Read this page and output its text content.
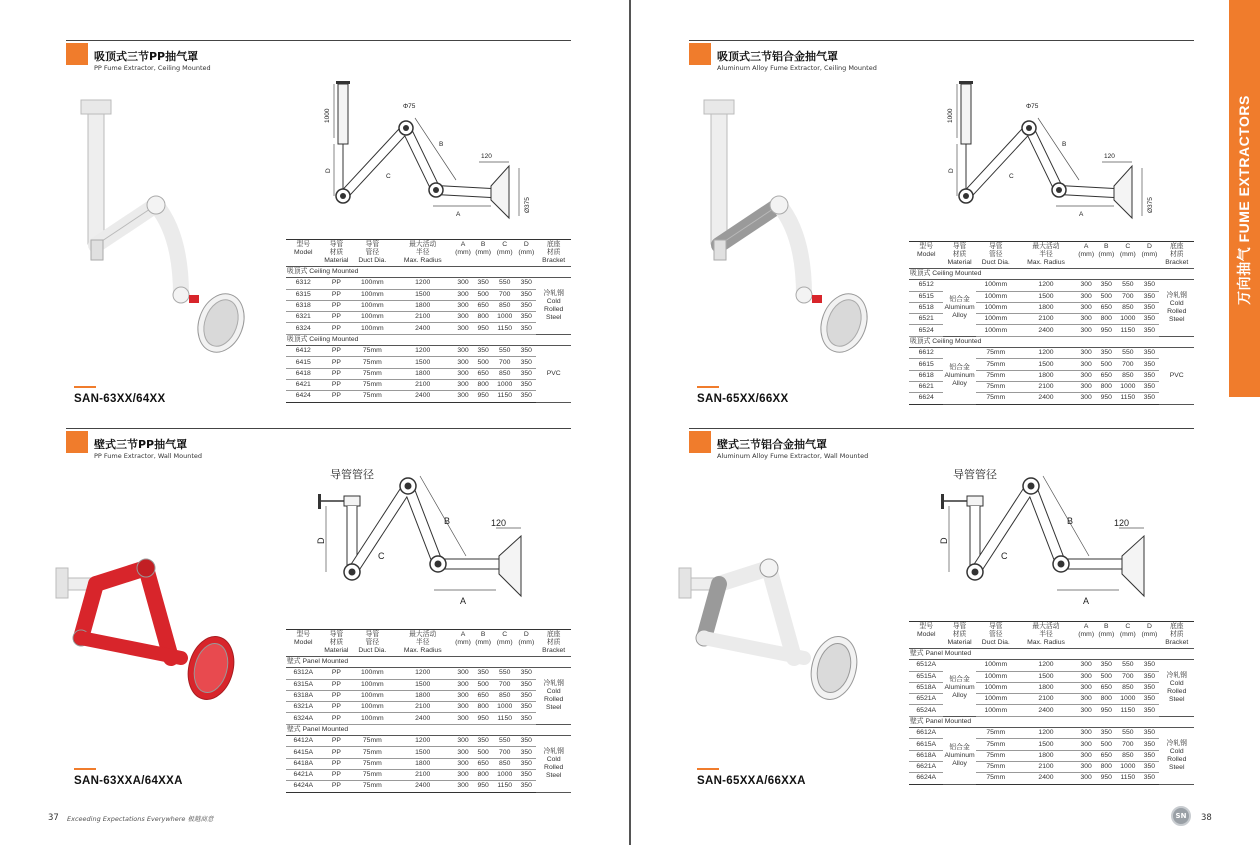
万向抽气 FUME EXTRACTORS
37 Exceeding Expectations Everywhere 极越商意	SN	38
吸顶式三节PP抽气罩
PP Fume Extractor, Ceiling Mounted
1000
D
Φ75
B
C
A
120
Ø375
型号
Model	导管
材质
Material	导管
管径
Duct Dia.	最大活动
半径
Max. Radius	A
(mm)	B
(mm)	C
(mm)	D
(mm)	底座
材质
Bracket
吸顶式 Ceiling Mounted								
6312	PP	100mm	1200	300	350	550	350	冷轧钢
Cold
Rolled
Steel
6315	PP	100mm	1500	300	500	700	350	
6318	PP	100mm	1800	300	650	850	350	
6321	PP	100mm	2100	300	800	1000	350	
6324	PP	100mm	2400	300	950	1150	350	
吸顶式 Ceiling Mounted								
6412	PP	75mm	1200	300	350	550	350	PVC
6415	PP	75mm	1500	300	500	700	350	
6418	PP	75mm	1800	300	650	850	350	
6421	PP	75mm	2100	300	800	1000	350	
6424	PP	75mm	2400	300	950	1150	350	
SAN-63XX/64XX
吸顶式三节铝合金抽气罩
Aluminum Alloy Fume Extractor, Ceiling Mounted
1000
D
Φ75
B
C
A
120
Ø375
型号
Model	导管
材质
Material	导管
管径
Duct Dia.	最大活动
半径
Max. Radius	A
(mm)	B
(mm)	C
(mm)	D
(mm)	底座
材质
Bracket
吸顶式 Ceiling Mounted								
6512	铝合金
Aluminum
Alloy	100mm	1200	300	350	550	350	冷轧钢
Cold
Rolled
Steel
6515		100mm	1500	300	500	700	350	
6518		100mm	1800	300	650	850	350	
6521		100mm	2100	300	800	1000	350	
6524		100mm	2400	300	950	1150	350	
吸顶式 Ceiling Mounted								
6612	铝合金
Aluminum
Alloy	75mm	1200	300	350	550	350	PVC
6615		75mm	1500	300	500	700	350	
6618		75mm	1800	300	650	850	350	
6621		75mm	2100	300	800	1000	350	
6624		75mm	2400	300	950	1150	350	
SAN-65XX/66XX
壁式三节PP抽气罩
PP Fume Extractor, Wall Mounted
D
导管管径
B
C
A
120
型号
Model	导管
材质
Material	导管
管径
Duct Dia.	最大活动
半径
Max. Radius	A
(mm)	B
(mm)	C
(mm)	D
(mm)	底座
材质
Bracket
壁式 Panel Mounted								
6312A	PP	100mm	1200	300	350	550	350	冷轧钢
Cold
Rolled
Steel
6315A	PP	100mm	1500	300	500	700	350	
6318A	PP	100mm	1800	300	650	850	350	
6321A	PP	100mm	2100	300	800	1000	350	
6324A	PP	100mm	2400	300	950	1150	350	
壁式 Panel Mounted								
6412A	PP	75mm	1200	300	350	550	350	冷轧钢
Cold
Rolled
Steel
6415A	PP	75mm	1500	300	500	700	350	
6418A	PP	75mm	1800	300	650	850	350	
6421A	PP	75mm	2100	300	800	1000	350	
6424A	PP	75mm	2400	300	950	1150	350	
SAN-63XXA/64XXA
壁式三节铝合金抽气罩
Aluminum Alloy Fume Extractor, Wall Mounted
D
导管管径
B
C
A
120
型号
Model	导管
材质
Material	导管
管径
Duct Dia.	最大活动
半径
Max. Radius	A
(mm)	B
(mm)	C
(mm)	D
(mm)	底座
材质
Bracket
壁式 Panel Mounted								
6512A	铝合金
Aluminum
Alloy	100mm	1200	300	350	550	350	冷轧钢
Cold
Rolled
Steel
6515A		100mm	1500	300	500	700	350	
6518A		100mm	1800	300	650	850	350	
6521A		100mm	2100	300	800	1000	350	
6524A		100mm	2400	300	950	1150	350	
壁式 Panel Mounted								
6612A	铝合金
Aluminum
Alloy	75mm	1200	300	350	550	350	冷轧钢
Cold
Rolled
Steel
6615A		75mm	1500	300	500	700	350	
6618A		75mm	1800	300	650	850	350	
6621A		75mm	2100	300	800	1000	350	
6624A		75mm	2400	300	950	1150	350	
SAN-65XXA/66XXA
